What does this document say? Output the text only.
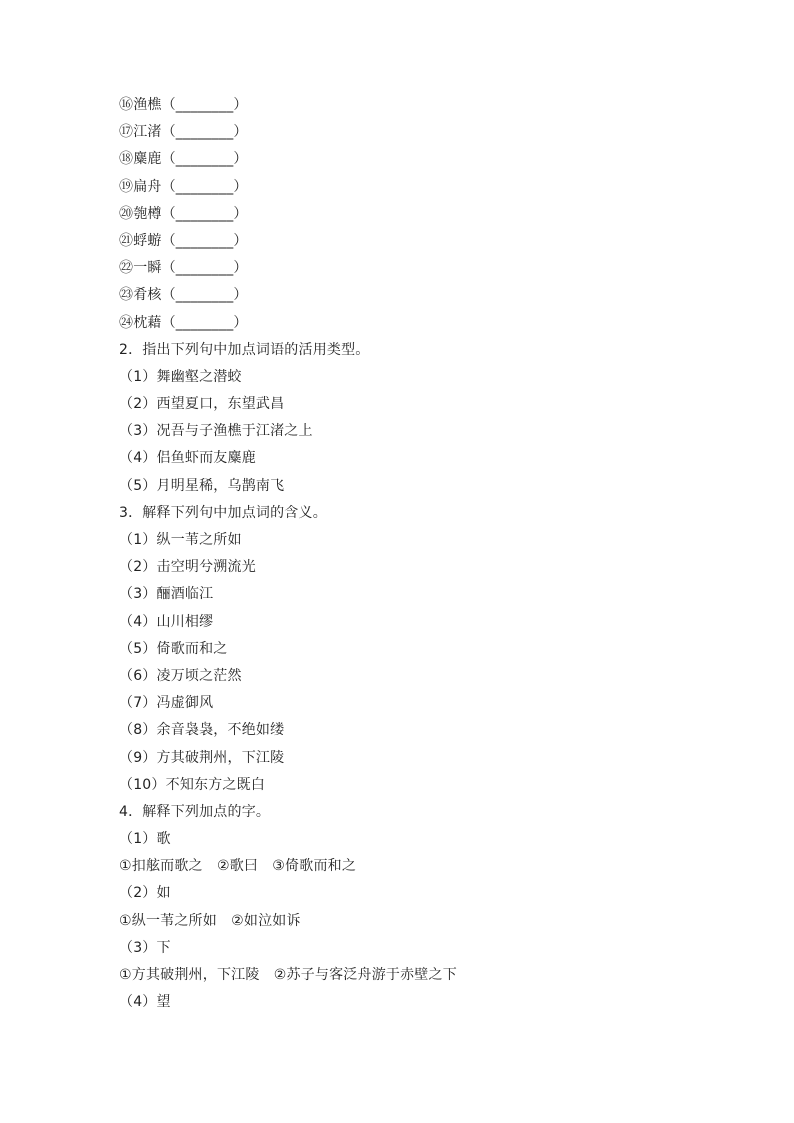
⑯渔樵（________）
⑰江渚（________）
⑱麋鹿（________）
⑲扁舟（________）
⑳匏樽（________）
㉑蜉蝣（________）
㉒一瞬（________）
㉓肴核（________）
㉔枕藉（________）
2．指出下列句中加点词语的活用类型。
（1）舞幽壑之潜蛟
（2）西望夏口，东望武昌
（3）况吾与子渔樵于江渚之上
（4）侣鱼虾而友麋鹿
（5）月明星稀，乌鹊南飞
3．解释下列句中加点词的含义。
（1）纵一苇之所如
（2）击空明兮溯流光
（3）酾酒临江
（4）山川相缪
（5）倚歌而和之
（6）凌万顷之茫然
（7）冯虚御风
（8）余音袅袅，不绝如缕
（9）方其破荆州，下江陵
（10）不知东方之既白
4．解释下列加点的字。
（1）歌
①扣舷而歌之　②歌曰　③倚歌而和之
（2）如
①纵一苇之所如　②如泣如诉
（3）下
①方其破荆州，下江陵　②苏子与客泛舟游于赤壁之下
（4）望
